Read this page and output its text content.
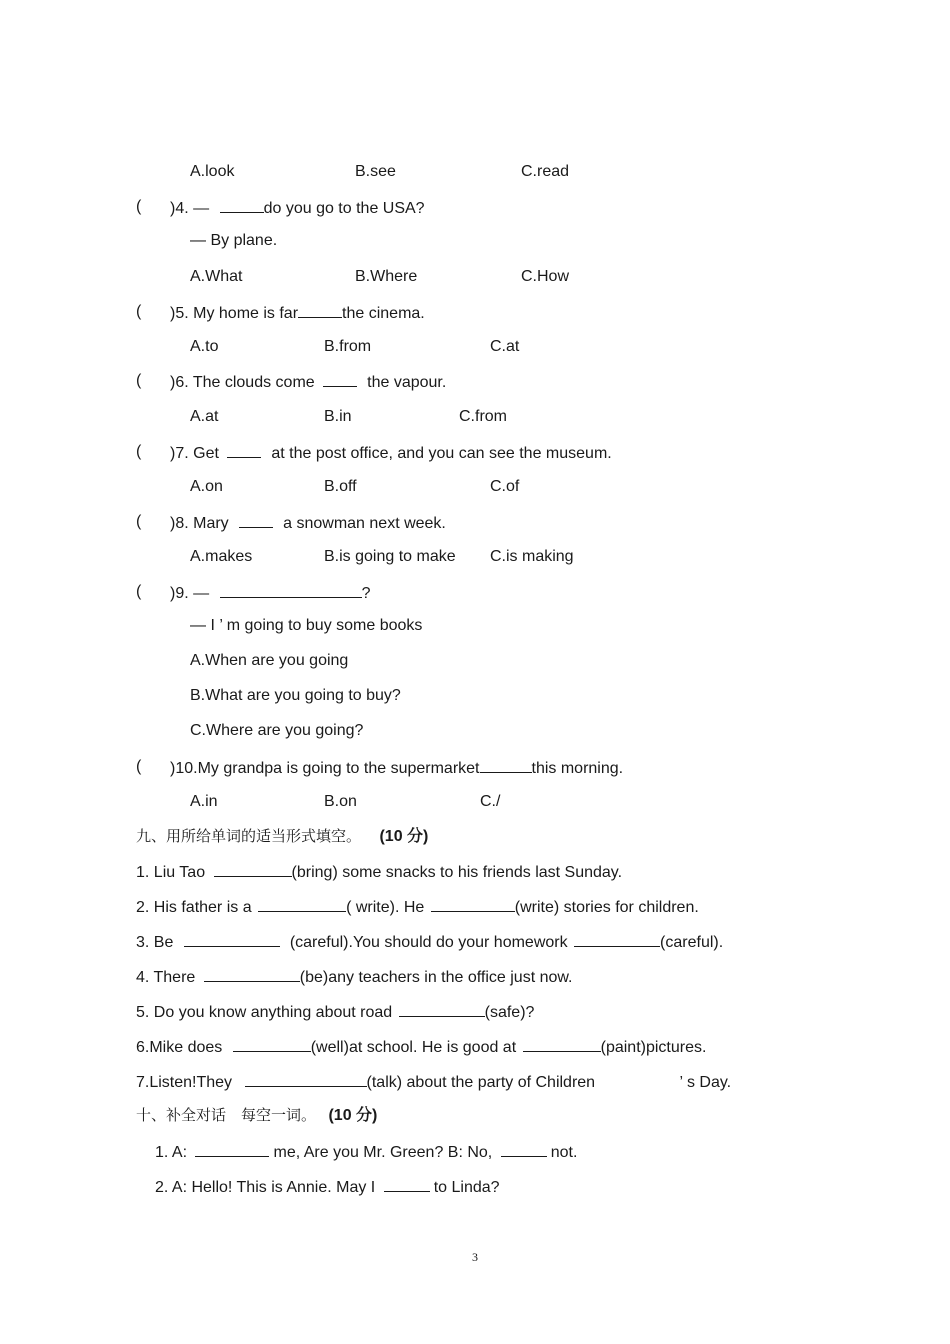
A.look	B.see	C.read
( )4. —	do you go to the USA?
— By plane.
A.What	B.Where	C.How
( )5. My home is far	the cinema.
A.to	B.from	C.at
( )6. The clouds come	the vapour.
A.at	B.in	C.from
( )7. Get	at the post office, and you can see the museum.
A.on	B.off	C.of
( )8. Mary	a snowman next week.
A.makes	B.is going to make C.is making
( )9. —	?
— I ’ m going to buy some books
A.When are you going
B.What are you going to buy?
C.Where are you going?
( )10.My grandpa is going to the supermarket	this morning.
A.in	B.on	C./
九、用所给单词的适当形式填空。 (10 分)
1. Liu Tao	(bring) some snacks to his friends last Sunday.
2. His father is a	( write). He	(write) stories for children.
3. Be	(careful).You should do your homework	(careful).
4. There	(be)any teachers in the office just now.
5. Do you know anything about road	(safe)?
6.Mike does	(well)at school. He is good at	(paint)pictures.
7.Listen!They	(talk) about the party of Children	’ s Day.
十、补全对话　每空一词。 (10 分)
1. A:	me, Are you Mr. Green? B: No,	not.
2. A: Hello! This is Annie. May I	to Linda?
3
